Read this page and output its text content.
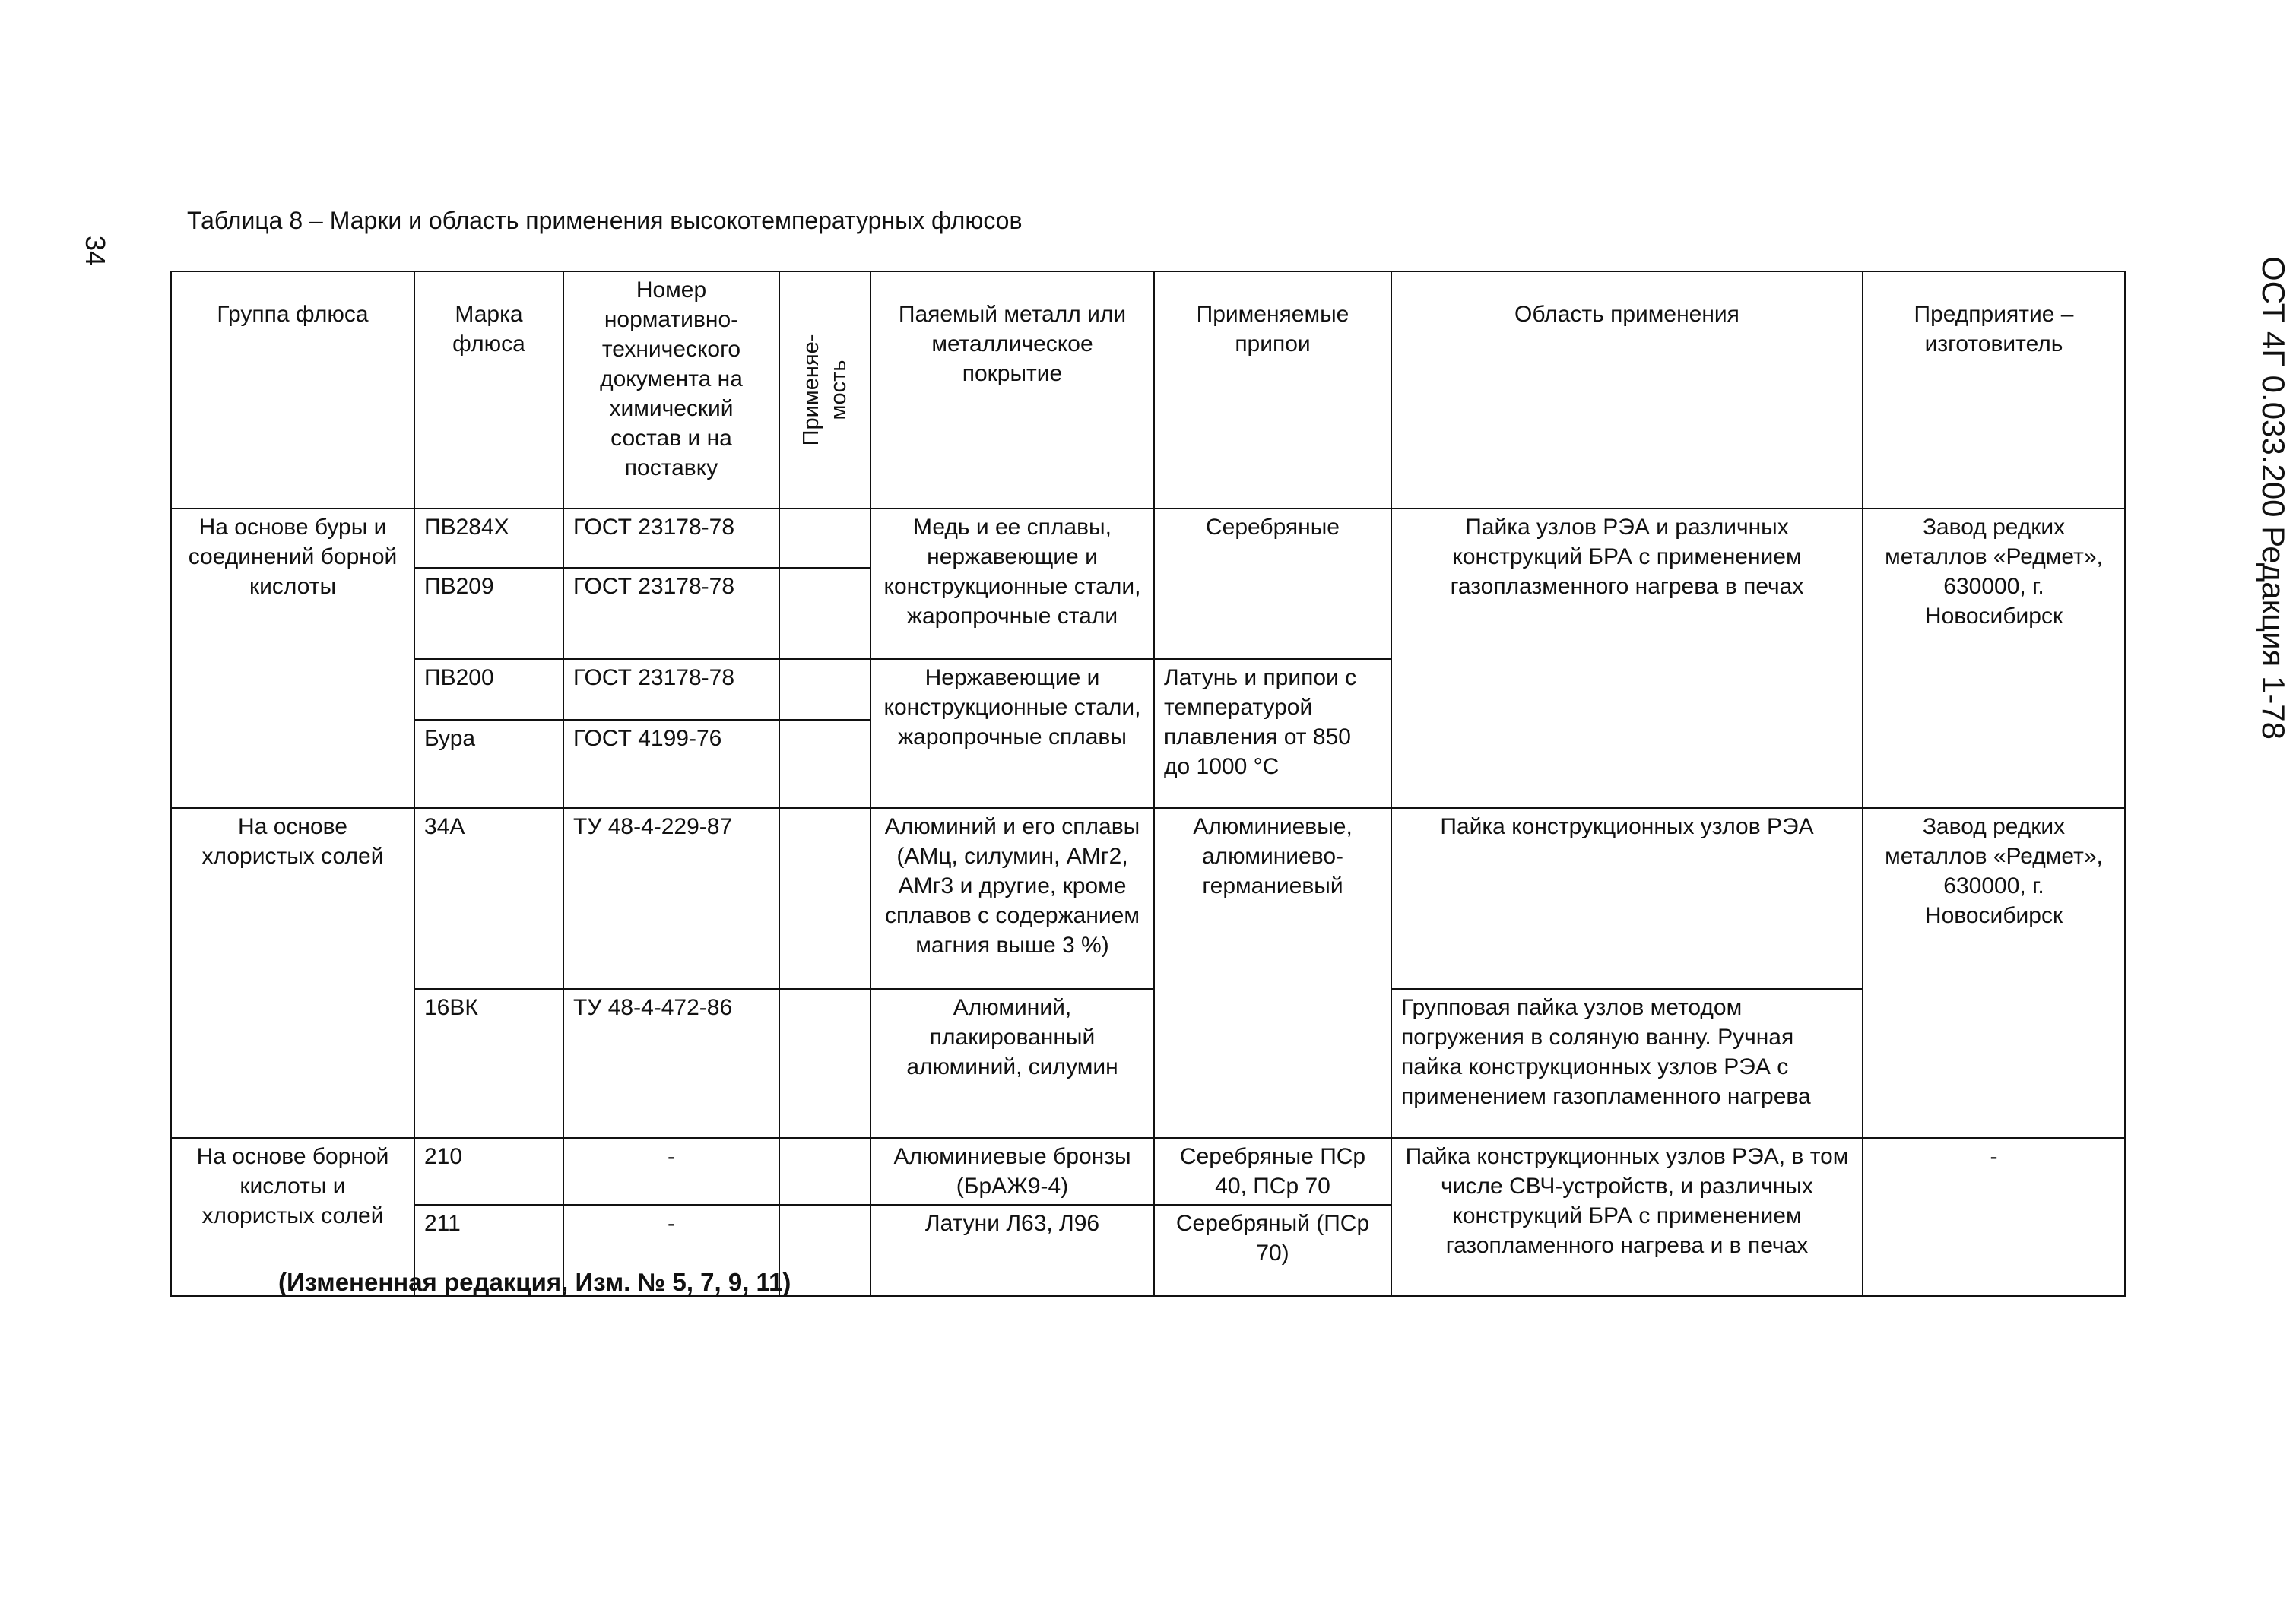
34
ОСТ 4Г 0.033.200 Редакция 1-78
Таблица 8 – Марки и область применения высокотемпературных флюсов
Группа флюса	Марка флюса	Номер нормативно-технического документа на химический состав и на поставку	Применяе- мость	Паяемый металл или металлическое покрытие	Применяемые припои	Область применения	Предприятие – изготовитель
На основе буры и соединений борной кислоты	ПВ284Х	ГОСТ 23178-78		Медь и ее сплавы, нержавеющие и конструкционные стали, жаропрочные стали	Серебряные	Пайка узлов РЭА и различных конструкций БРА с применением газоплазменного нагрева в печах	Завод редких металлов «Редмет», 630000, г. Новосибирск
	ПВ209	ГОСТ 23178-78					
	ПВ200	ГОСТ 23178-78		Нержавеющие и конструкционные стали, жаропрочные сплавы	Латунь и припои с температурой плавления от 850 до 1000 °С		
	Бура	ГОСТ 4199-76					
На основе хлористых солей	34А	ТУ 48-4-229-87		Алюминий и его сплавы (АМц, силумин, АМг2, АМг3 и другие, кроме сплавов с содержанием магния выше 3 %)	Алюминиевые, алюминиево-германиевый	Пайка конструкционных узлов РЭА	Завод редких металлов «Редмет», 630000, г. Новосибирск
	16ВК	ТУ 48-4-472-86		Алюминий, плакированный алюминий, силумин		Групповая пайка узлов методом погружения в соляную ванну. Ручная пайка конструкционных узлов РЭА с применением газопламенного нагрева	
На основе борной кислоты и хлористых солей	210	-		Алюминиевые бронзы (БрАЖ9-4)	Серебряные ПСр 40, ПСр 70	Пайка конструкционных узлов РЭА, в том числе СВЧ-устройств, и различных конструкций БРА с применением газопламенного нагрева и в печах	-
	211	-		Латуни Л63, Л96	Серебряный (ПСр 70)		
(Измененная редакция, Изм. № 5, 7, 9, 11)
